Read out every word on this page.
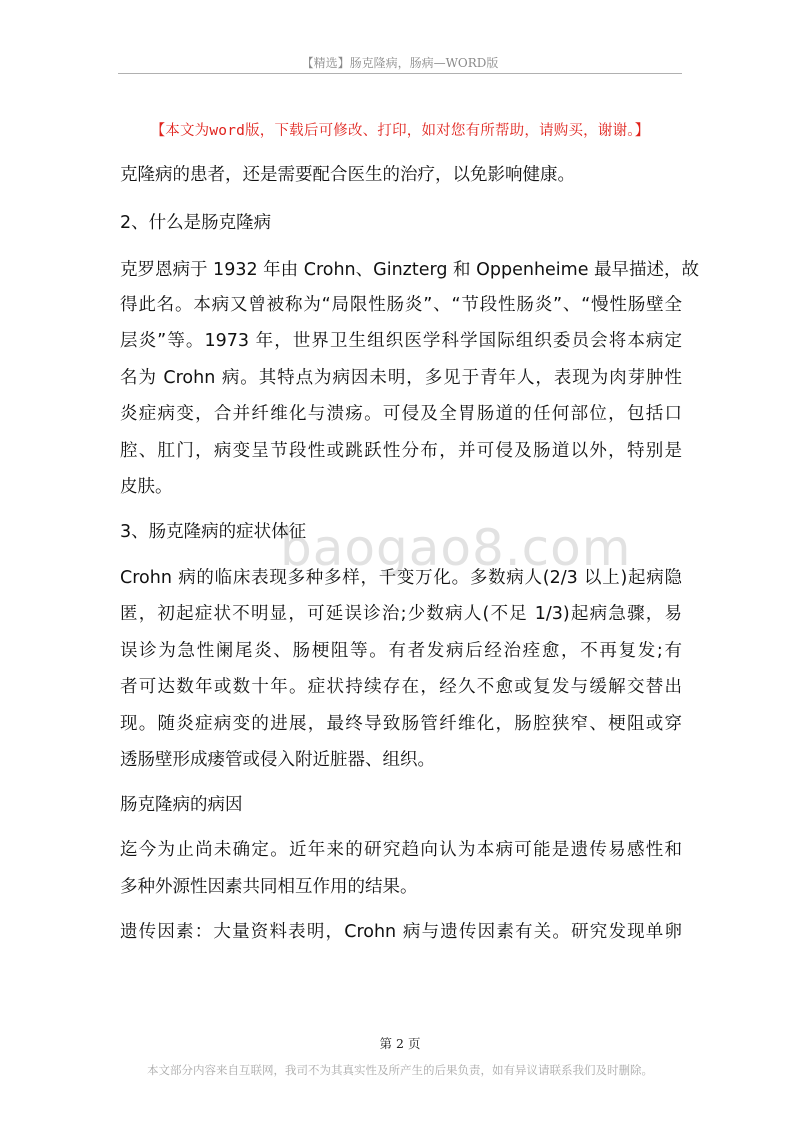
【精选】肠克隆病，肠病—WORD版
【本文为word版，下载后可修改、打印，如对您有所帮助，请购买，谢谢。】
baogao8.com
克隆病的患者，还是需要配合医生的治疗，以免影响健康。
2、什么是肠克隆病
克罗恩病于 1932 年由 Crohn、Ginzterg 和 Oppenheime 最早描述，故
得此名。本病又曾被称为“局限性肠炎”、“节段性肠炎”、“慢性肠壁全
层炎”等。1973 年，世界卫生组织医学科学国际组织委员会将本病定
名为 Crohn 病。其特点为病因未明，多见于青年人，表现为肉芽肿性
炎症病变，合并纤维化与溃疡。可侵及全胃肠道的任何部位，包括口
腔、肛门，病变呈节段性或跳跃性分布，并可侵及肠道以外，特别是
皮肤。
3、肠克隆病的症状体征
Crohn 病的临床表现多种多样，千变万化。多数病人(2/3 以上)起病隐
匿，初起症状不明显，可延误诊治;少数病人(不足 1/3)起病急骤，易
误诊为急性阑尾炎、肠梗阻等。有者发病后经治痊愈，不再复发;有
者可达数年或数十年。症状持续存在，经久不愈或复发与缓解交替出
现。随炎症病变的进展，最终导致肠管纤维化，肠腔狭窄、梗阻或穿
透肠壁形成瘘管或侵入附近脏器、组织。
肠克隆病的病因
迄今为止尚未确定。近年来的研究趋向认为本病可能是遗传易感性和
多种外源性因素共同相互作用的结果。
遗传因素：大量资料表明，Crohn 病与遗传因素有关。研究发现单卵
第 2 页
本文部分内容来自互联网，我司不为其真实性及所产生的后果负责，如有异议请联系我们及时删除。
